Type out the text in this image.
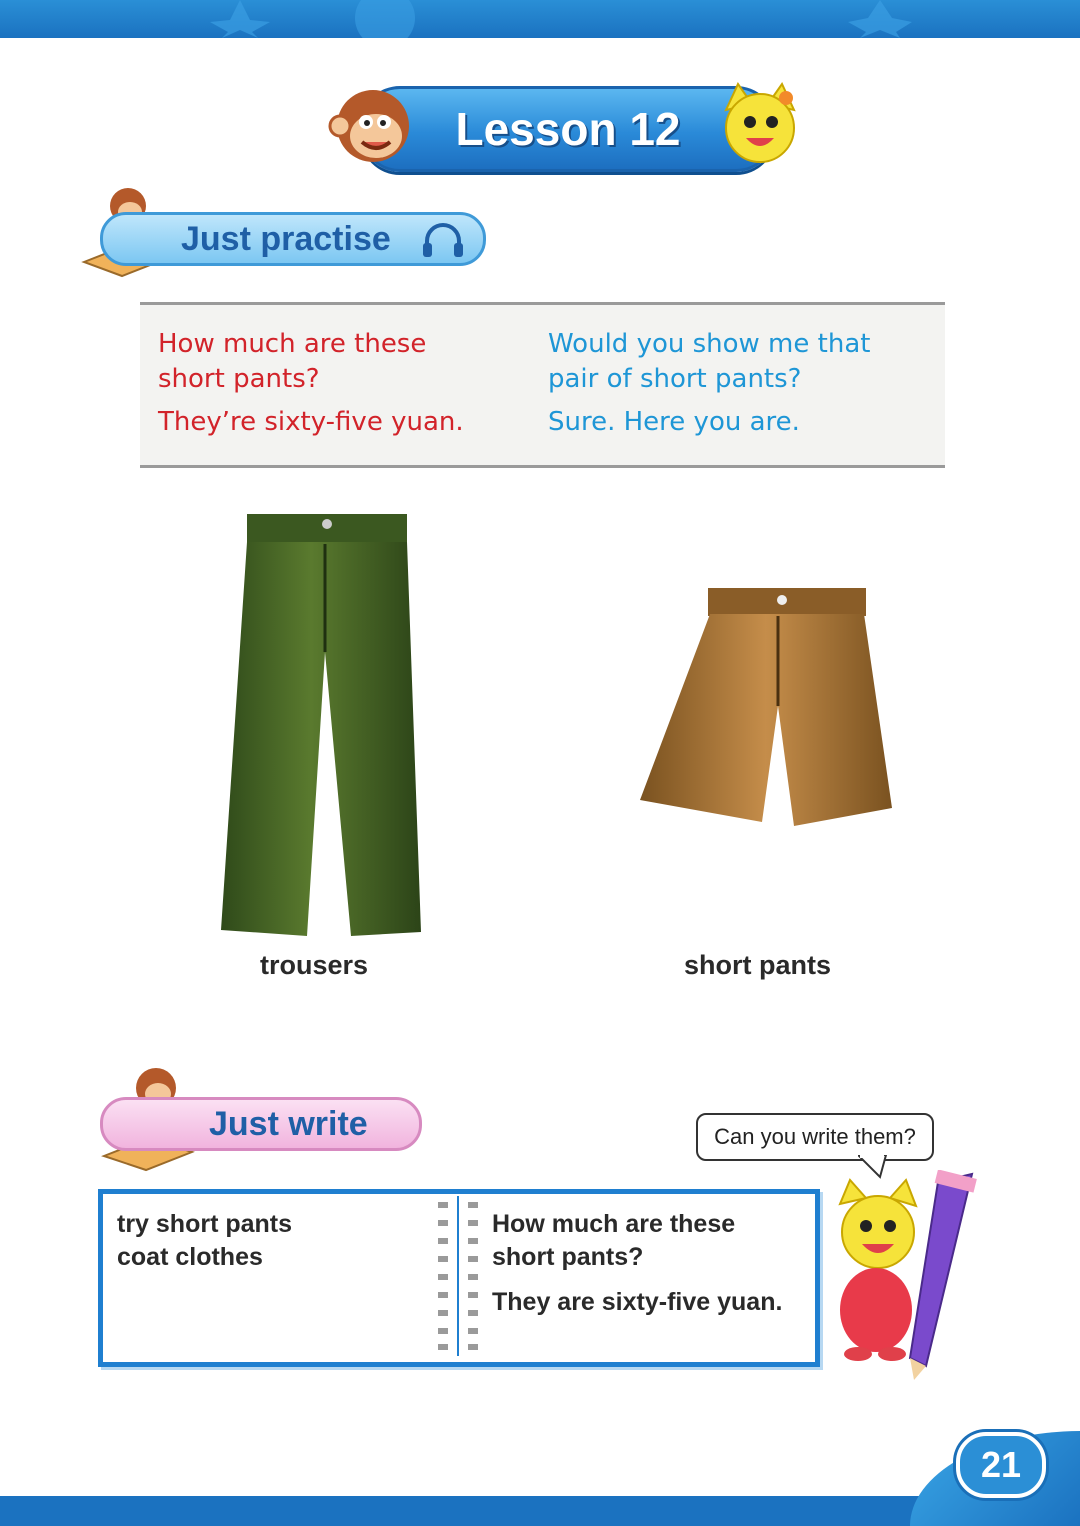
Lesson 12
Just practise
How much are these
short pants?
They’re sixty-five yuan.
Would you show me that
pair of short pants?
Sure. Here you are.
trousers	short pants
Just write	Can you write them?
try short pants
coat clothes
How much are these
short pants?
They are sixty-five yuan.
21
